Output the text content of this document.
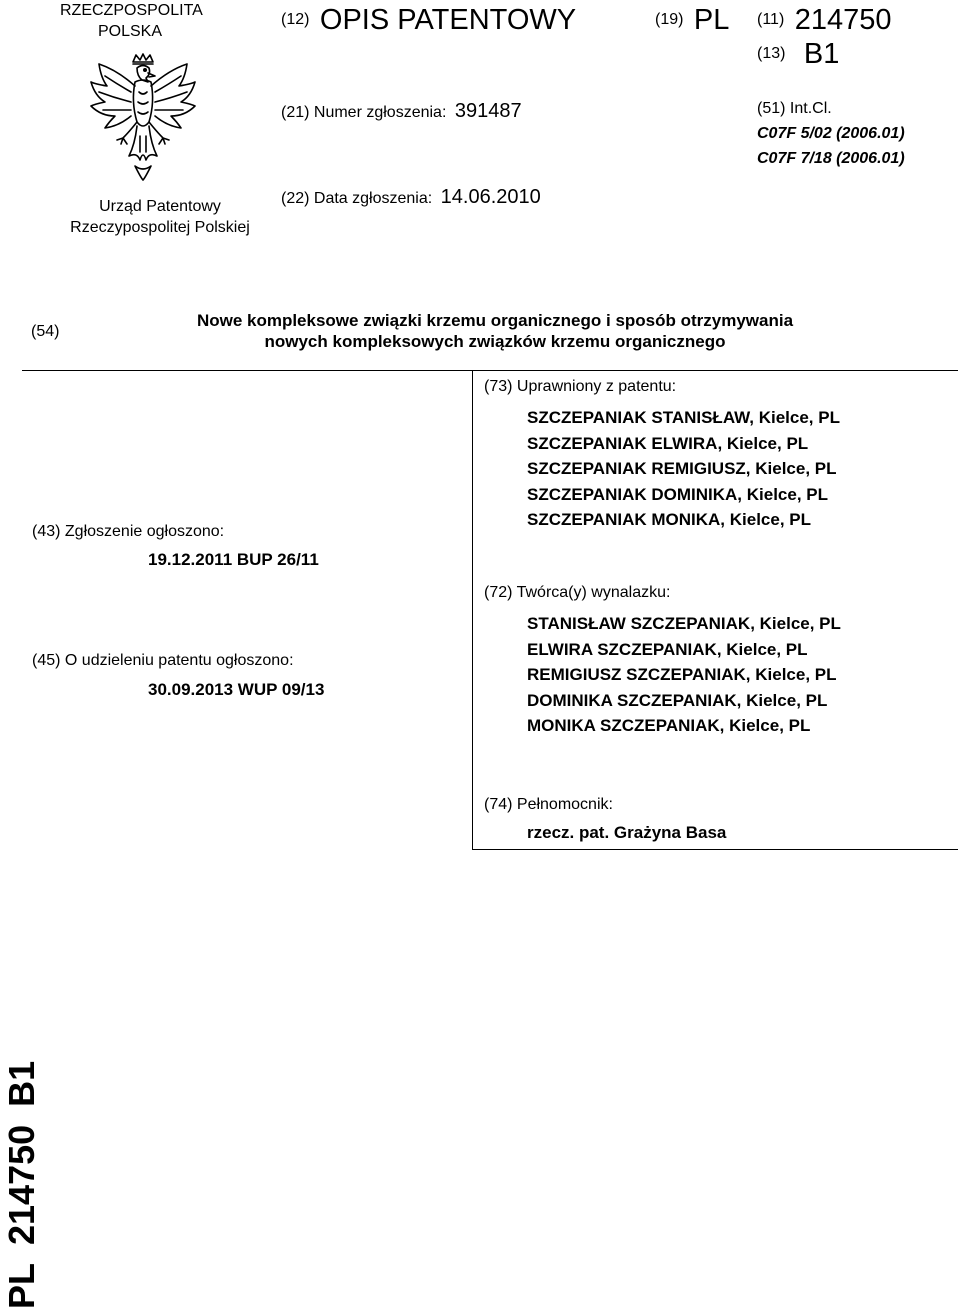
RZECZPOSPOLITA
POLSKA
Urząd Patentowy
Rzeczypospolitej Polskiej
(12) OPIS PATENTOWY	(19) PL (11) 214750
(13) B1
(21) Numer zgłoszenia: 391487	(51) Int.Cl.
C07F 5/02 (2006.01)
C07F 7/18 (2006.01)
(22) Data zgłoszenia: 14.06.2010
(54)
Nowe kompleksowe związki krzemu organicznego i sposób otrzymywania
nowych kompleksowych związków krzemu organicznego
(43) Zgłoszenie ogłoszono:
19.12.2011 BUP 26/11
(45) O udzieleniu patentu ogłoszono:
30.09.2013 WUP 09/13
(73) Uprawniony z patentu:
SZCZEPANIAK STANISŁAW, Kielce, PL
SZCZEPANIAK ELWIRA, Kielce, PL
SZCZEPANIAK REMIGIUSZ, Kielce, PL
SZCZEPANIAK DOMINIKA, Kielce, PL
SZCZEPANIAK MONIKA, Kielce, PL
(72) Twórca(y) wynalazku:
STANISŁAW SZCZEPANIAK, Kielce, PL
ELWIRA SZCZEPANIAK, Kielce, PL
REMIGIUSZ SZCZEPANIAK, Kielce, PL
DOMINIKA SZCZEPANIAK, Kielce, PL
MONIKA SZCZEPANIAK, Kielce, PL
(74) Pełnomocnik:
rzecz. pat. Grażyna Basa
PL214750B1
